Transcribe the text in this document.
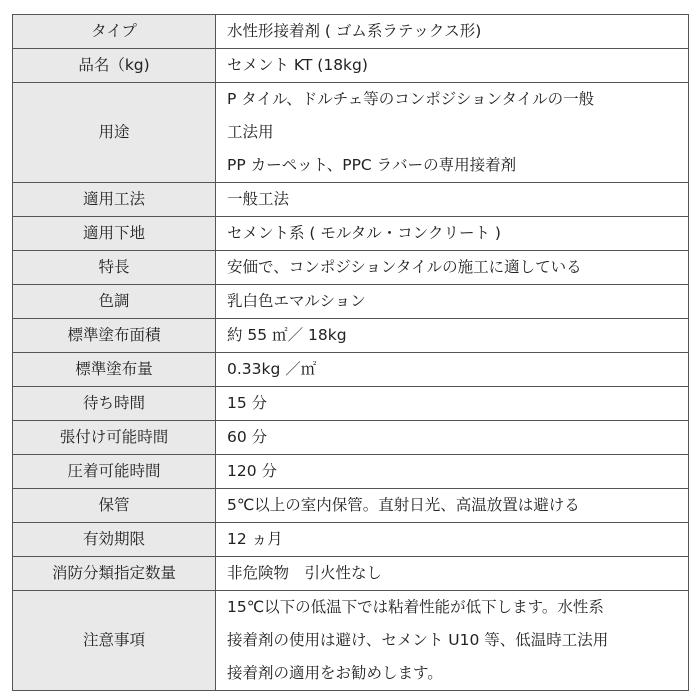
タイプ	水性形接着剤 ( ゴム系ラテックス形)

品名（kg)	セメント KT (18kg)

用途	P タイル、ドルチェ等のコンポジションタイルの一般
工法用
PP カーペット、PPC ラバーの専用接着剤

適用工法	一般工法

適用下地	セメント系 ( モルタル・コンクリート )

特長	安価で、コンポジションタイルの施工に適している

色調	乳白色エマルション

標準塗布面積	約 55 ㎡／ 18kg

標準塗布量	0.33kg ／㎡

待ち時間	15 分

張付け可能時間	60 分

圧着可能時間	120 分

保管	5℃以上の室内保管。直射日光、高温放置は避ける

有効期限	12 ヵ月

消防分類指定数量	非危険物　引火性なし

注意事項	15℃以下の低温下では粘着性能が低下します。水性系
接着剤の使用は避け、セメント U10 等、低温時工法用
接着剤の適用をお勧めします。
